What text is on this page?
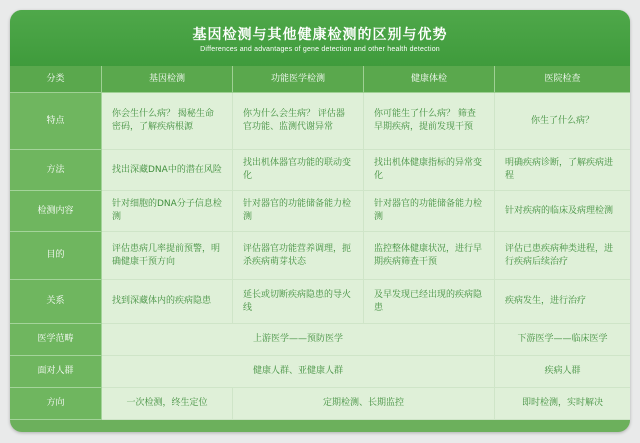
基因检测与其他健康检测的区别与优势
Differences and advantages of gene detection and other health detection
分类	基因检测	功能医学检测	健康体检	医院检查
特点	你会生什么病？ 揭秘生命密码，了解疾病根源	你为什么会生病？ 评估器官功能、监测代谢异常	你可能生了什么病？ 筛查早期疾病，提前发现干预	你生了什么病？
方法	找出深藏DNA中的潜在风险	找出机体器官功能的联动变化	找出机体健康指标的异常变化	明确疾病诊断，了解疾病进程
检测内容	针对细胞的DNA分子信息检测	针对器官的功能储备能力检测	针对器官的功能储备能力检测	针对疾病的临床及病理检测
目的	评估患病几率提前预警，明确健康干预方向	评估器官功能营养调理，扼杀疾病萌芽状态	监控整体健康状况，进行早期疾病筛查干预	评估已患疾病种类进程，进行疾病后续治疗
关系	找到深藏体内的疾病隐患	延长或切断疾病隐患的导火线	及早发现已经出现的疾病隐患	疾病发生，进行治疗
医学范畴	上游医学——预防医学			下游医学——临床医学
面对人群	健康人群、亚健康人群			疾病人群
方向	一次检测，终生定位	定期检测、长期监控		即时检测，实时解决
